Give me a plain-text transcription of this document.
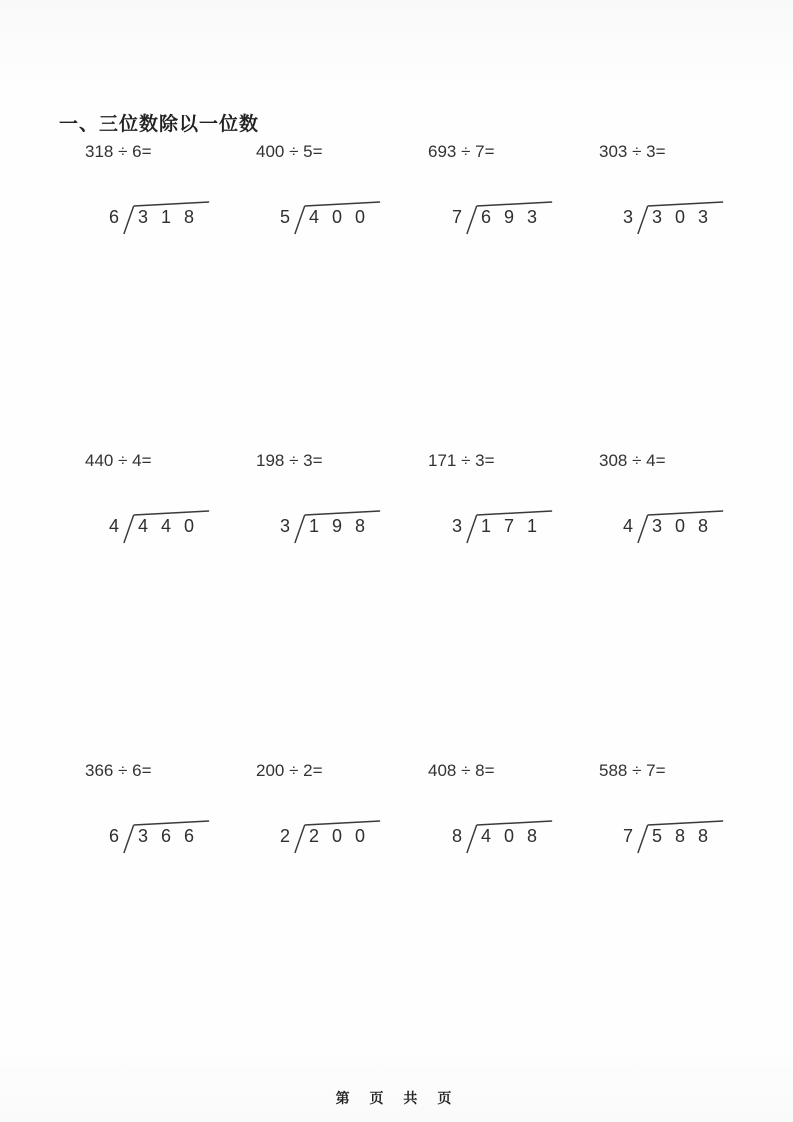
一、三位数除以一位数
318 ÷ 6=
6	318
400 ÷ 5=
5	400
693 ÷ 7=
7	693
303 ÷ 3=
3	303
440 ÷ 4=
4	440
198 ÷ 3=
3	198
171 ÷ 3=
3	171
308 ÷ 4=
4	308
366 ÷ 6=
6	366
200 ÷ 2=
2	200
408 ÷ 8=
8	408
588 ÷ 7=
7	588
第 页 共 页
